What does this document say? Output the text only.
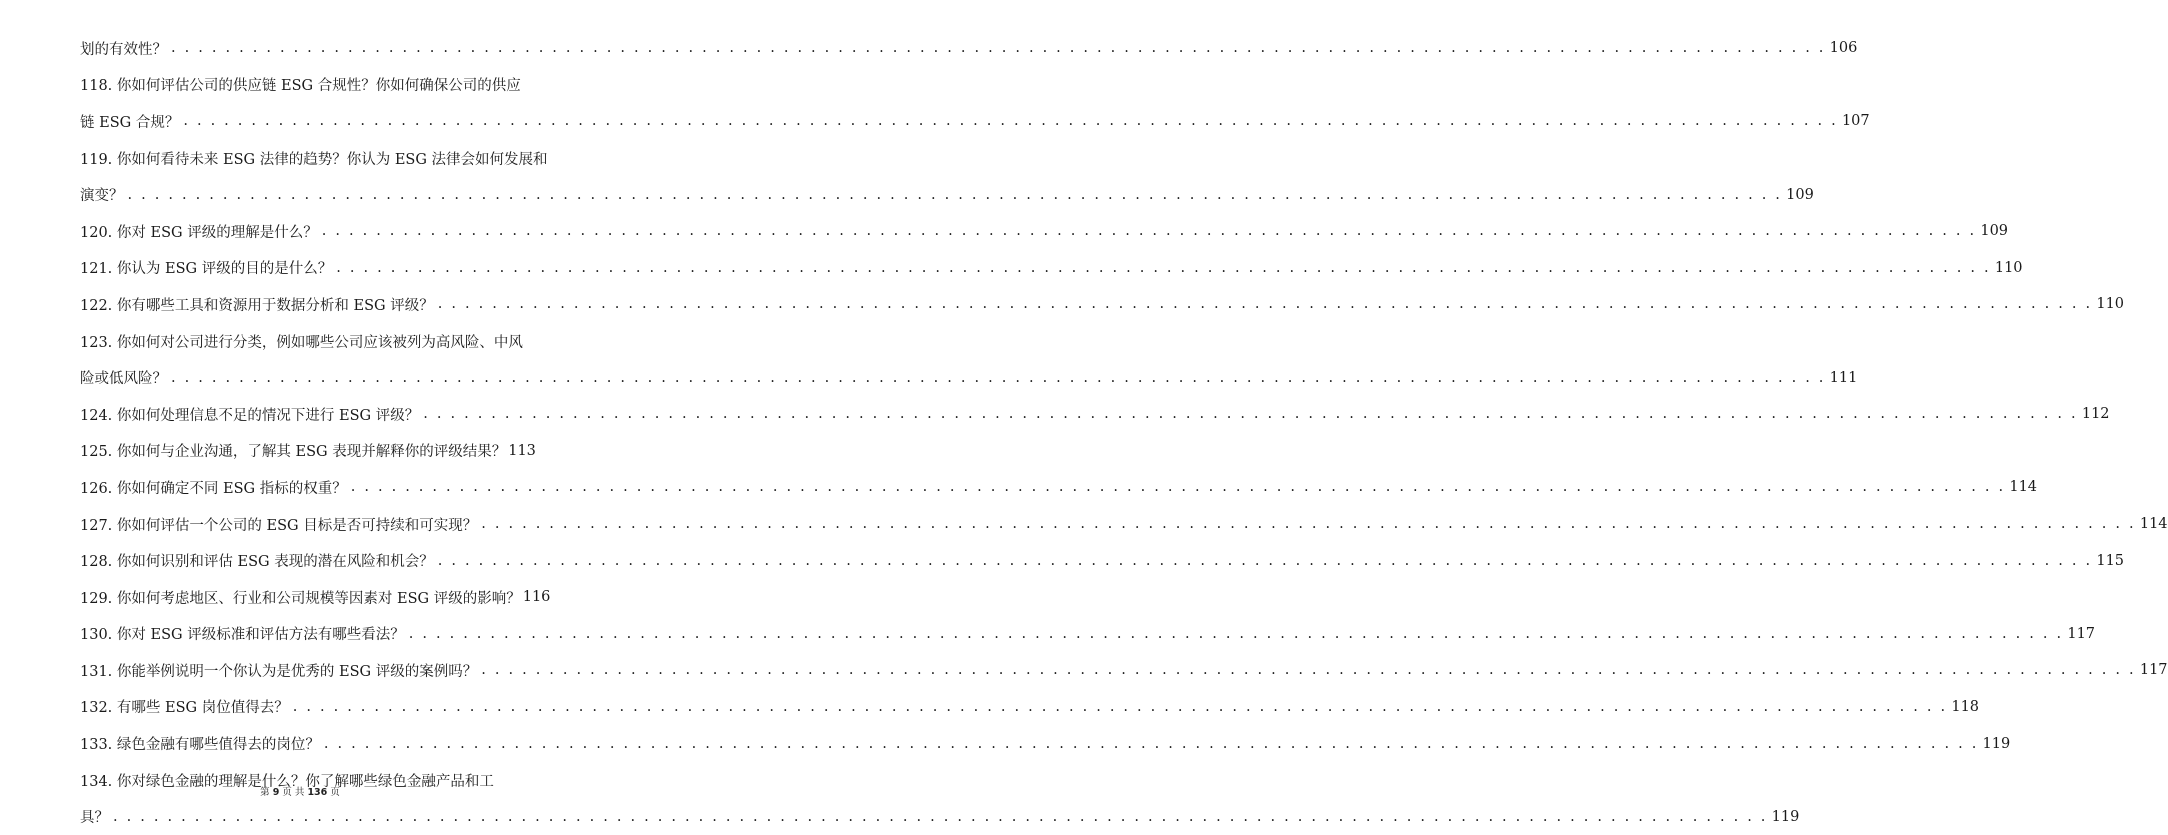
划的有效性？ . . .	106
118. 你如何评估公司的供应链 ESG 合规性？你如何确保公司的供应
链 ESG 合规？ . . .	107
119. 你如何看待未来 ESG 法律的趋势？你认为 ESG 法律会如何发展和
演变？ . . .	109
120. 你对 ESG 评级的理解是什么？ . . .	109
121. 你认为 ESG 评级的目的是什么？ . . .	110
122. 你有哪些工具和资源用于数据分析和 ESG 评级？ . . .	110
123. 你如何对公司进行分类，例如哪些公司应该被列为高风险、中风
险或低风险？ . . .	111
124. 你如何处理信息不足的情况下进行 ESG 评级？ . . .	112
125. 你如何与企业沟通，了解其 ESG 表现并解释你的评级结果？ 113
126. 你如何确定不同 ESG 指标的权重？ . . .	114
127. 你如何评估一个公司的 ESG 目标是否可持续和可实现？ . . .	114
128. 你如何识别和评估 ESG 表现的潜在风险和机会？ . . .	115
129. 你如何考虑地区、行业和公司规模等因素对 ESG 评级的影响？ 116
130. 你对 ESG 评级标准和评估方法有哪些看法？ . . .	117
131. 你能举例说明一个你认为是优秀的 ESG 评级的案例吗？ . . .	117
132. 有哪些 ESG 岗位值得去？ . . .	118
133. 绿色金融有哪些值得去的岗位？ . . .	119
134. 你对绿色金融的理解是什么？你了解哪些绿色金融产品和工
具？ . . .	119
第 9 页 共 136 页
